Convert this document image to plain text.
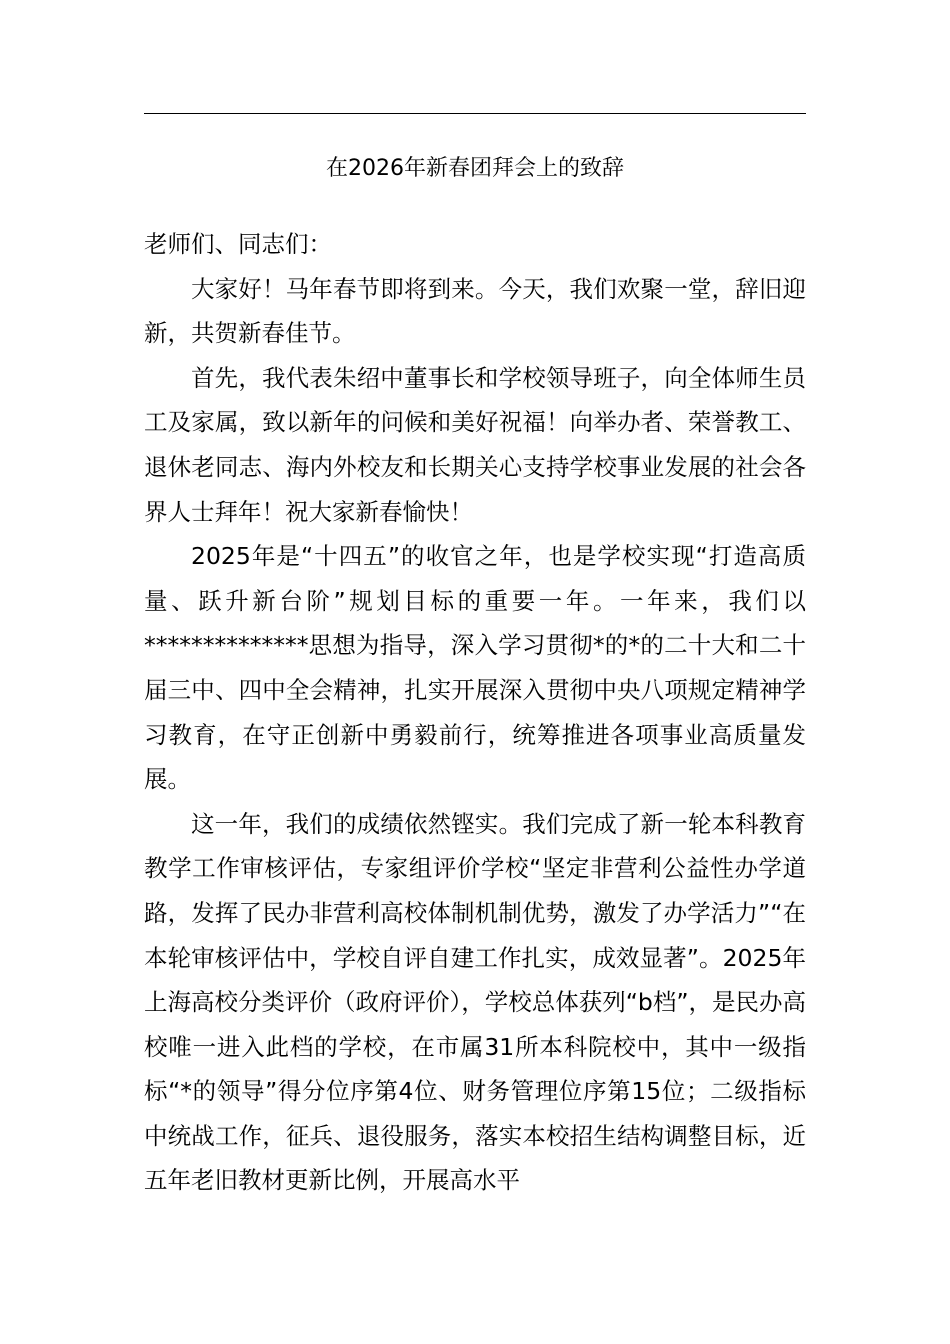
在2026年新春团拜会上的致辞

老师们、同志们：

大家好！马年春节即将到来。今天，我们欢聚一堂，辞旧迎新，共贺新春佳节。

首先，我代表朱绍中董事长和学校领导班子，向全体师生员工及家属，致以新年的问候和美好祝福！向举办者、荣誉教工、退休老同志、海内外校友和长期关心支持学校事业发展的社会各界人士拜年！祝大家新春愉快！

2025年是“十四五”的收官之年，也是学校实现“打造高质量、跃升新台阶”规划目标的重要一年。一年来，我们以**************思想为指导，深入学习贯彻*的*的二十大和二十届三中、四中全会精神，扎实开展深入贯彻中央八项规定精神学习教育，在守正创新中勇毅前行，统筹推进各项事业高质量发展。

这一年，我们的成绩依然铿实。我们完成了新一轮本科教育教学工作审核评估，专家组评价学校“坚定非营利公益性办学道路，发挥了民办非营利高校体制机制优势，激发了办学活力”“在本轮审核评估中，学校自评自建工作扎实，成效显著”。2025年上海高校分类评价（政府评价），学校总体获列“b档”，是民办高校唯一进入此档的学校，在市属31所本科院校中，其中一级指标“*的领导”得分位序第4位、财务管理位序第15位；二级指标中统战工作，征兵、退役服务，落实本校招生结构调整目标，近五年老旧教材更新比例，开展高水平
